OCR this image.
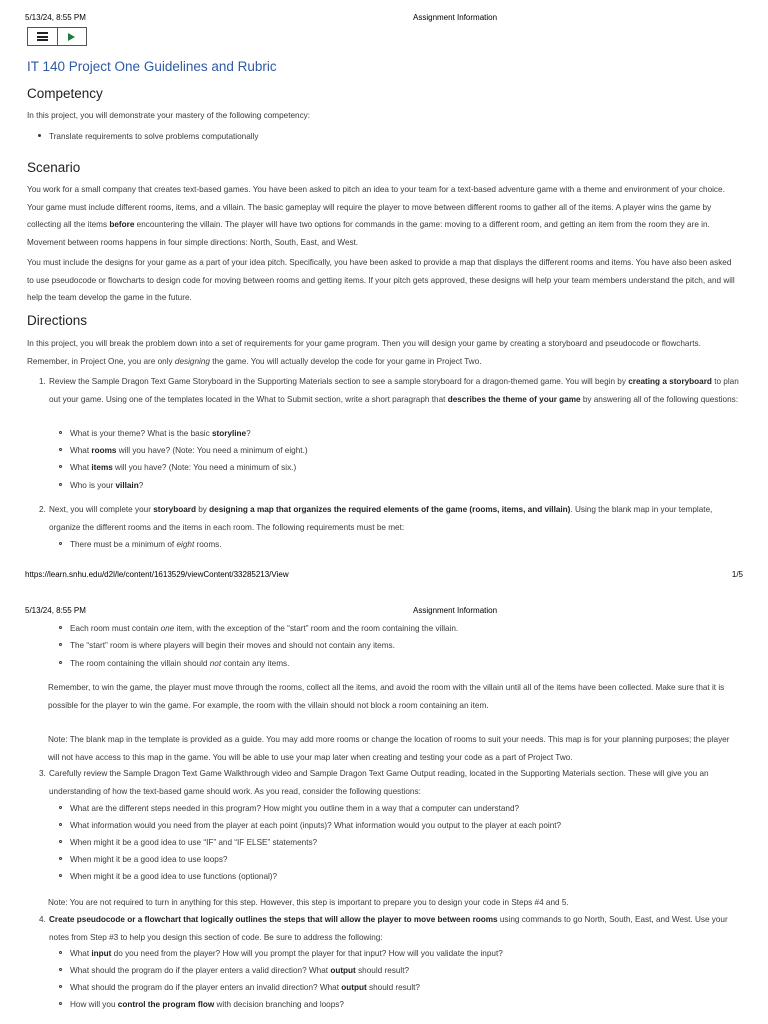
5/13/24, 8:55 PM	Assignment Information
IT 140 Project One Guidelines and Rubric
Competency

In this project, you will demonstrate your mastery of the following competency:

Translate requirements to solve problems computationally

Scenario

You work for a small company that creates text-based games. You have been asked to pitch an idea to your team for a text-based adventure game with a theme and environment of your choice. Your game must include different rooms, items, and a villain. The basic gameplay will require the player to move between different rooms to gather all of the items. A player wins the game by collecting all the items before encountering the villain. The player will have two options for commands in the game: moving to a different room, and getting an item from the room they are in. Movement between rooms happens in four simple directions: North, South, East, and West.

You must include the designs for your game as a part of your idea pitch. Specifically, you have been asked to provide a map that displays the different rooms and items. You have also been asked to use pseudocode or flowcharts to design code for moving between rooms and getting items. If your pitch gets approved, these designs will help your team members understand the pitch, and will help the team develop the game in the future.

Directions

In this project, you will break the problem down into a set of requirements for your game program. Then you will design your game by creating a storyboard and pseudocode or flowcharts. Remember, in Project One, you are only designing the game. You will actually develop the code for your game in Project Two.

1. Review the Sample Dragon Text Game Storyboard in the Supporting Materials section to see a sample storyboard for a dragon-themed game. You will begin by creating a storyboard to plan out your game. Using one of the templates located in the What to Submit section, write a short paragraph that describes the theme of your game by answering all of the following questions:

What is your theme? What is the basic storyline?

What rooms will you have? (Note: You need a minimum of eight.)

What items will you have? (Note: You need a minimum of six.)

Who is your villain?

2. Next, you will complete your storyboard by designing a map that organizes the required elements of the game (rooms, items, and villain). Using the blank map in your template, organize the different rooms and the items in each room. The following requirements must be met:

There must be a minimum of eight rooms.

https://learn.snhu.edu/d2l/le/content/1613529/viewContent/33285213/View	1/5
5/13/24, 8:55 PM	Assignment Information

Each room must contain one item, with the exception of the “start” room and the room containing the villain.

The “start” room is where players will begin their moves and should not contain any items.

The room containing the villain should not contain any items.

Remember, to win the game, the player must move through the rooms, collect all the items, and avoid the room with the villain until all of the items have been collected. Make sure that it is possible for the player to win the game. For example, the room with the villain should not block a room containing an item.

Note: The blank map in the template is provided as a guide. You may add more rooms or change the location of rooms to suit your needs. This map is for your planning purposes; the player will not have access to this map in the game. You will be able to use your map later when creating and testing your code as a part of Project Two.

3. Carefully review the Sample Dragon Text Game Walkthrough video and Sample Dragon Text Game Output reading, located in the Supporting Materials section. These will give you an understanding of how the text-based game should work. As you read, consider the following questions:

What are the different steps needed in this program? How might you outline them in a way that a computer can understand?

What information would you need from the player at each point (inputs)? What information would you output to the player at each point?

When might it be a good idea to use “IF” and “IF ELSE” statements?

When might it be a good idea to use loops?

When might it be a good idea to use functions (optional)?

Note: You are not required to turn in anything for this step. However, this step is important to prepare you to design your code in Steps #4 and 5.

4. Create pseudocode or a flowchart that logically outlines the steps that will allow the player to move between rooms using commands to go North, South, East, and West. Use your notes from Step #3 to help you design this section of code. Be sure to address the following:

What input do you need from the player? How will you prompt the player for that input? How will you validate the input?

What should the program do if the player enters a valid direction? What output should result?

What should the program do if the player enters an invalid direction? What output should result?

How will you control the program flow with decision branching and loops?
